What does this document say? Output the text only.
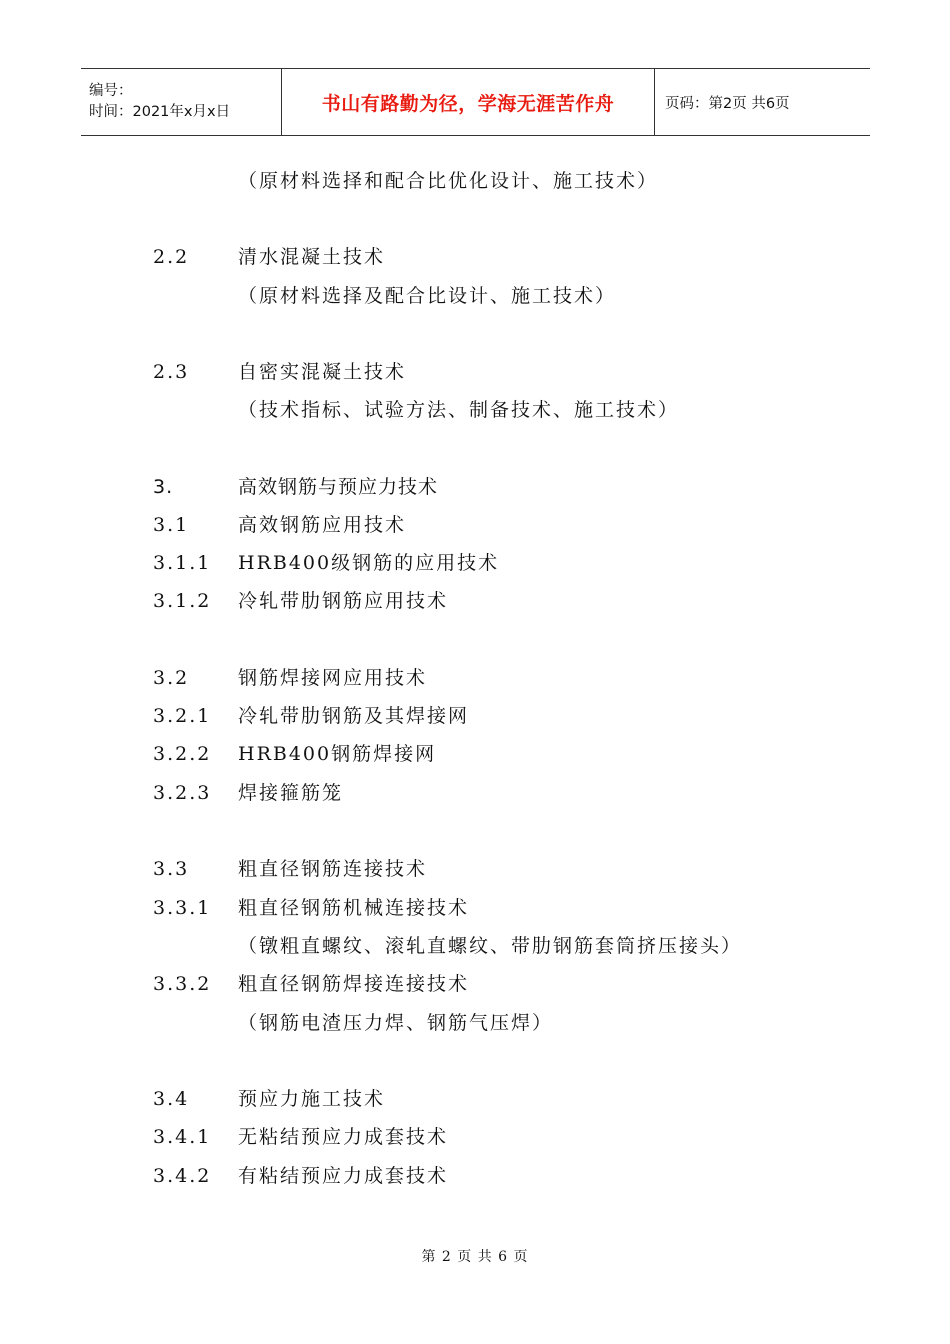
编号：
时间：2021年x月x日	书山有路勤为径，学海无涯苦作舟	页码：第2页 共6页
（原材料选择和配合比优化设计、施工技术）
2.2	清水混凝土技术
（原材料选择及配合比设计、施工技术）
2.3	自密实混凝土技术
（技术指标、试验方法、制备技术、施工技术）
3.	高效钢筋与预应力技术
3.1	高效钢筋应用技术
3.1.1 HRB400级钢筋的应用技术
3.1.2 冷轧带肋钢筋应用技术
3.2	钢筋焊接网应用技术
3.2.1 冷轧带肋钢筋及其焊接网
3.2.2 HRB400钢筋焊接网
3.2.3 焊接箍筋笼
3.3	粗直径钢筋连接技术
3.3.1 粗直径钢筋机械连接技术
（镦粗直螺纹、滚轧直螺纹、带肋钢筋套筒挤压接头）
3.3.2 粗直径钢筋焊接连接技术
（钢筋电渣压力焊、钢筋气压焊）
3.4	预应力施工技术
3.4.1 无粘结预应力成套技术
3.4.2 有粘结预应力成套技术
第 2 页 共 6 页
